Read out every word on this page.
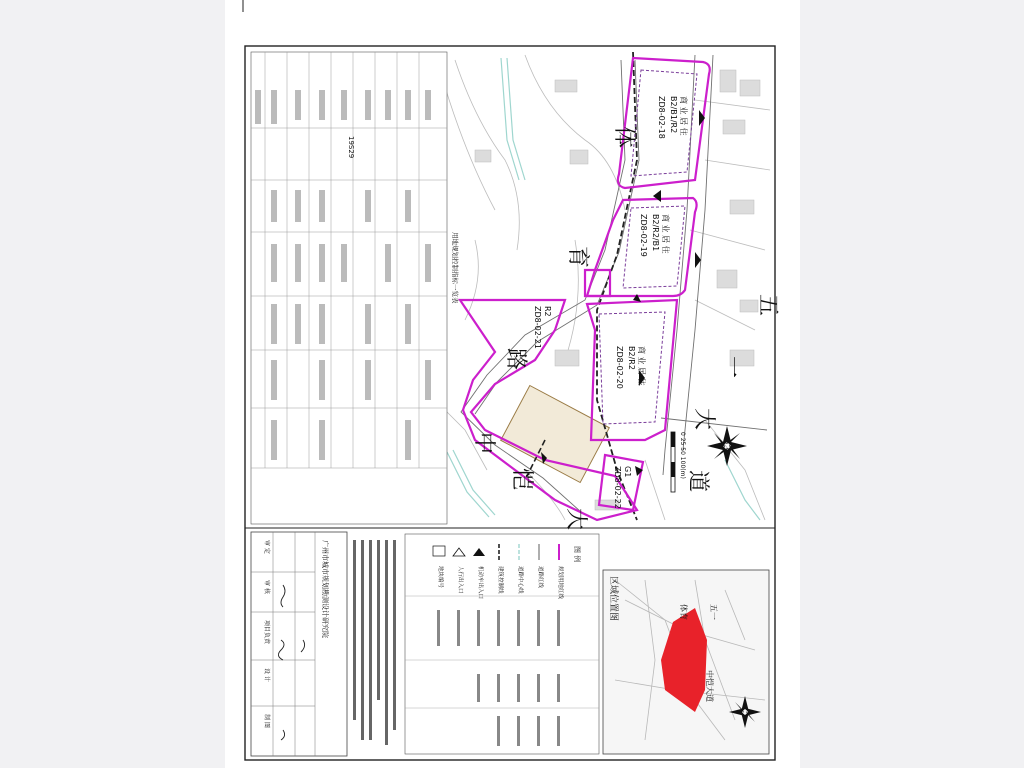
体
育
路
中
恺
大
道
五
一
大
ZD8-02-18 B2/B1/R2 商 业 居 住
ZD8-02-19 B2/R2/B1 商 业 居 住
ZD8-02-20 B2/R2 商 业 居 住
ZD8-02-21 R2
ZD8-02-22 G1	0 25 50 100(m)
用地规划控制指标一览表
19S29
审 定
审 核
项目负责
设 计
制 图
广州市城市规划勘测设计研究院	图 例
规划用地红线
道路红线
道路中心线
建筑控制线
机动车出入口
人行出入口
地块编号	区域位置图	五一
体育
中恺大道
